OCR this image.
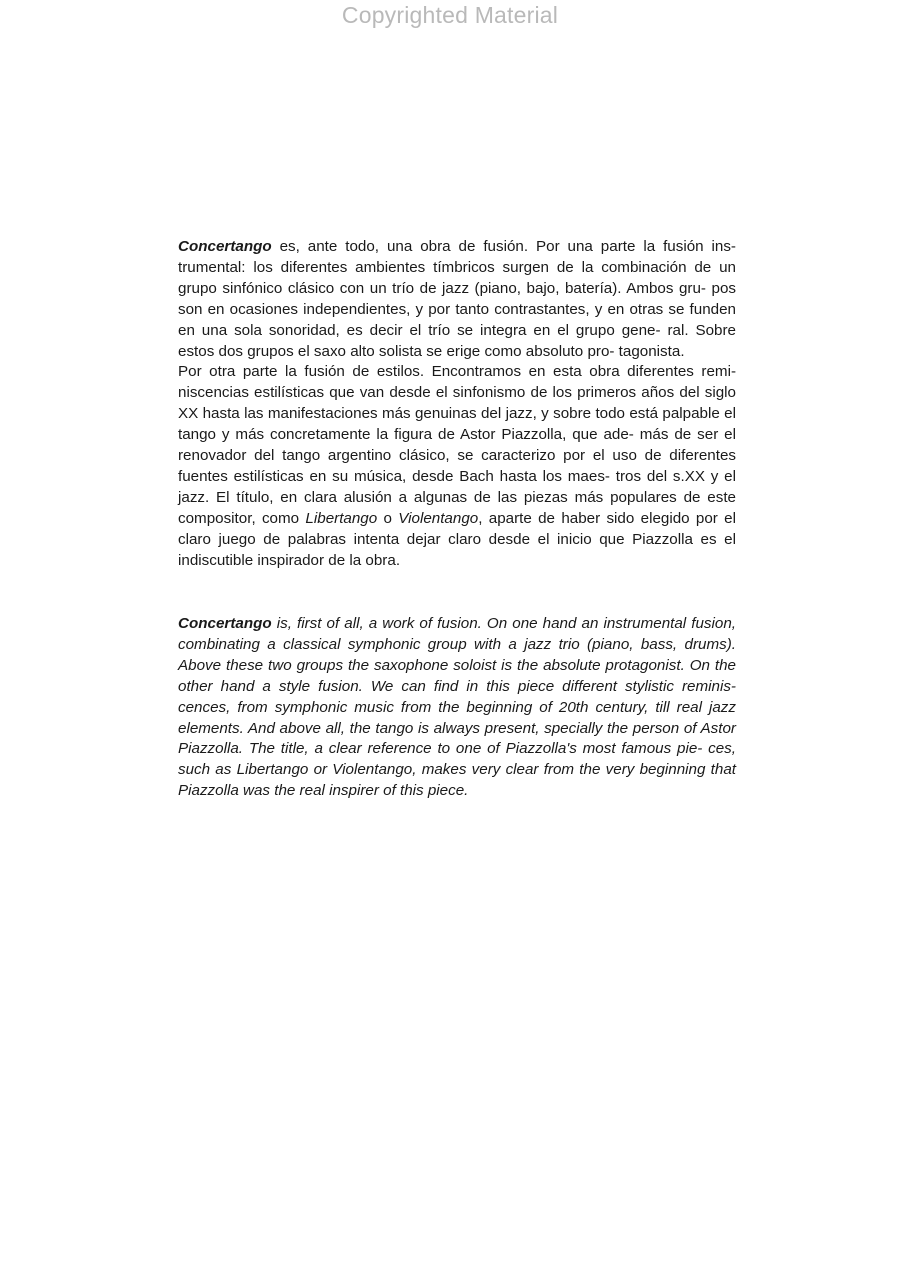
Copyrighted Material

Concertango es, ante todo, una obra de fusión. Por una parte la fusión ins- trumental: los diferentes ambientes tímbricos surgen de la combinación de un grupo sinfónico clásico con un trío de jazz (piano, bajo, batería). Ambos gru- pos son en ocasiones independientes, y por tanto contrastantes, y en otras se funden en una sola sonoridad, es decir el trío se integra en el grupo gene- ral. Sobre estos dos grupos el saxo alto solista se erige como absoluto pro- tagonista.

Por otra parte la fusión de estilos. Encontramos en esta obra diferentes remi- niscencias estilísticas que van desde el sinfonismo de los primeros años del siglo XX hasta las manifestaciones más genuinas del jazz, y sobre todo está palpable el tango y más concretamente la figura de Astor Piazzolla, que ade- más de ser el renovador del tango argentino clásico, se caracterizo por el uso de diferentes fuentes estilísticas en su música, desde Bach hasta los maes- tros del s.XX y el jazz. El título, en clara alusión a algunas de las piezas más populares de este compositor, como Libertango o Violentango, aparte de haber sido elegido por el claro juego de palabras intenta dejar claro desde el inicio que Piazzolla es el indiscutible inspirador de la obra.

Concertango is, first of all, a work of fusion. On one hand an instrumental fusion, combinating a classical symphonic group with a jazz trio (piano, bass, drums). Above these two groups the saxophone soloist is the absolute protagonist. On the other hand a style fusion. We can find in this piece different stylistic reminis- cences, from symphonic music from the beginning of 20th century, till real jazz elements. And above all, the tango is always present, specially the person of Astor Piazzolla. The title, a clear reference to one of Piazzolla's most famous pie- ces, such as Libertango or Violentango, makes very clear from the very beginning that Piazzolla was the real inspirer of this piece.
